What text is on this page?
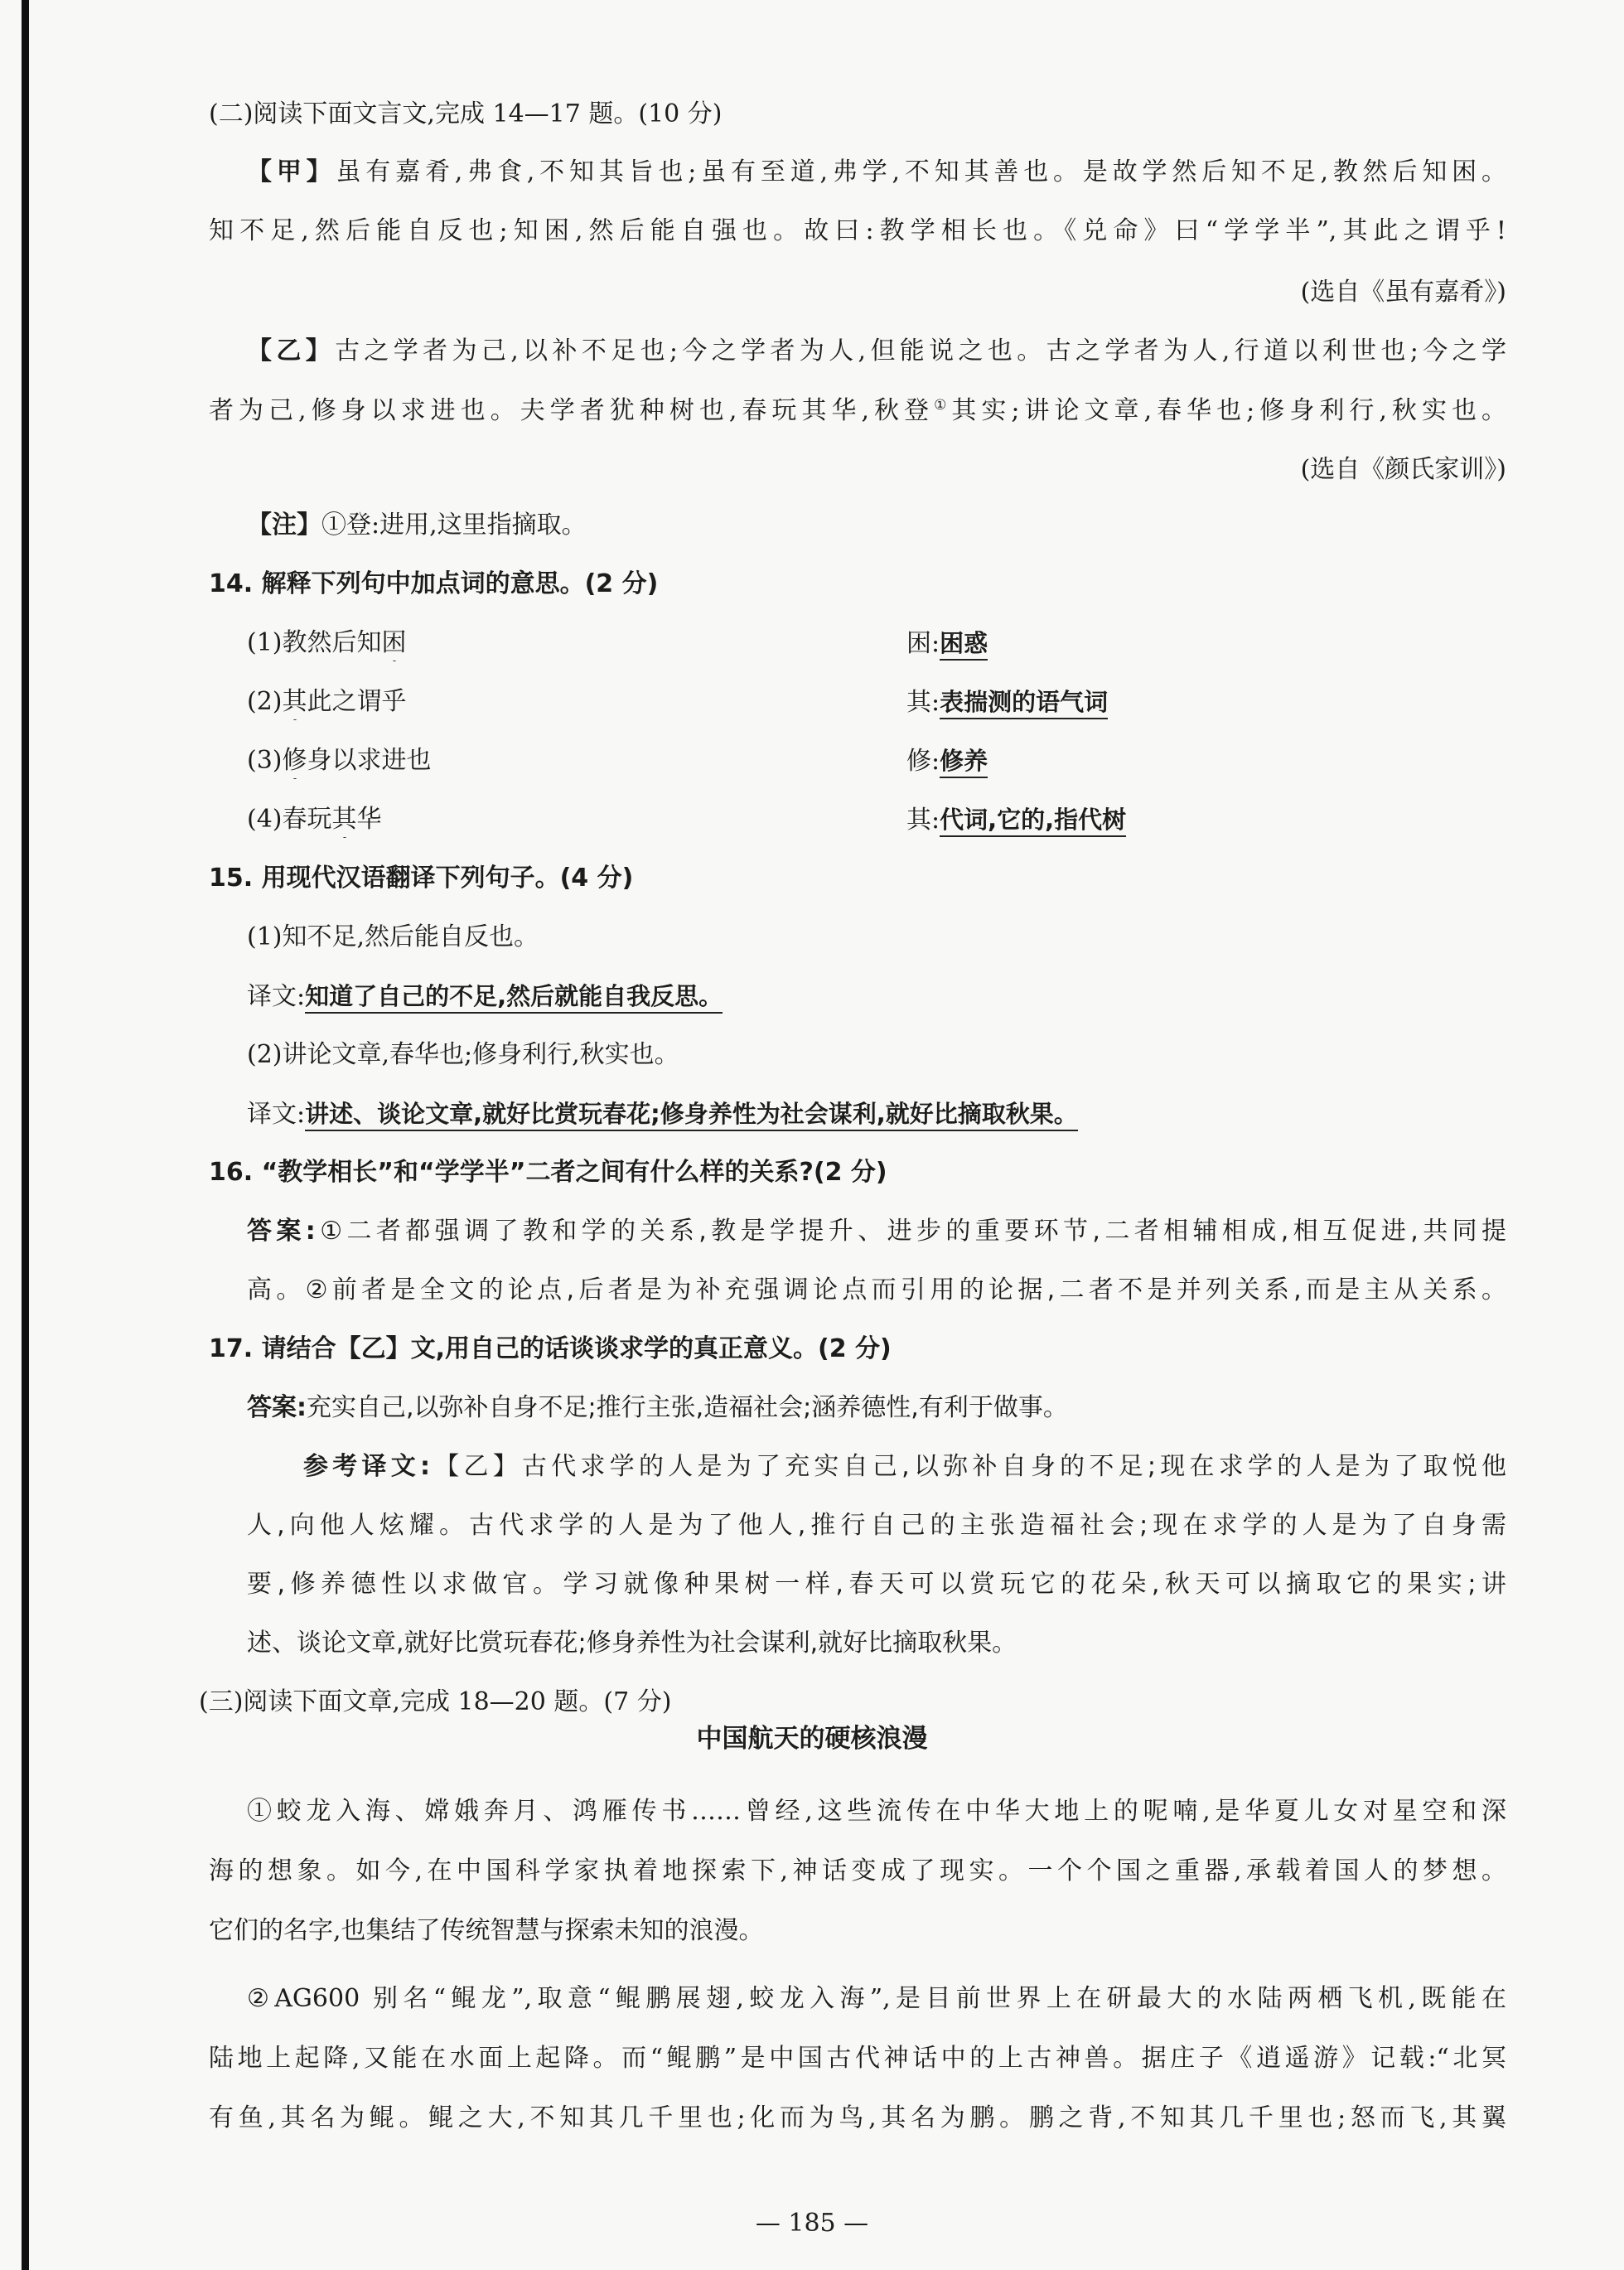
(二)阅读下面文言文,完成 14—17 题。(10 分)
【甲】虽有嘉肴,弗食,不知其旨也;虽有至道,弗学,不知其善也。是故学然后知不足,教然后知困。
知不足,然后能自反也;知困,然后能自强也。故曰:教学相长也。《兑命》曰“学学半”,其此之谓乎!
(选自《虽有嘉肴》)
【乙】古之学者为己,以补不足也;今之学者为人,但能说之也。古之学者为人,行道以利世也;今之学
者为己,修身以求进也。夫学者犹种树也,春玩其华,秋登①其实;讲论文章,春华也;修身利行,秋实也。
(选自《颜氏家训》)
【注】①登:进用,这里指摘取。
14. 解释下列句中加点词的意思。(2 分)
(1)教然后知困	困:困惑
(2)其此之谓乎	其:表揣测的语气词
(3)修身以求进也	修:修养
(4)春玩其华	其:代词,它的,指代树
15. 用现代汉语翻译下列句子。(4 分)
(1)知不足,然后能自反也。
译文:知道了自己的不足,然后就能自我反思。
(2)讲论文章,春华也;修身利行,秋实也。
译文:讲述、谈论文章,就好比赏玩春花;修身养性为社会谋利,就好比摘取秋果。
16. “教学相长”和“学学半”二者之间有什么样的关系?(2 分)
答案:①二者都强调了教和学的关系,教是学提升、进步的重要环节,二者相辅相成,相互促进,共同提
高。②前者是全文的论点,后者是为补充强调论点而引用的论据,二者不是并列关系,而是主从关系。
17. 请结合【乙】文,用自己的话谈谈求学的真正意义。(2 分)
答案:充实自己,以弥补自身不足;推行主张,造福社会;涵养德性,有利于做事。
参考译文:【乙】古代求学的人是为了充实自己,以弥补自身的不足;现在求学的人是为了取悦他
人,向他人炫耀。古代求学的人是为了他人,推行自己的主张造福社会;现在求学的人是为了自身需
要,修养德性以求做官。学习就像种果树一样,春天可以赏玩它的花朵,秋天可以摘取它的果实;讲
述、谈论文章,就好比赏玩春花;修身养性为社会谋利,就好比摘取秋果。
(三)阅读下面文章,完成 18—20 题。(7 分)
中国航天的硬核浪漫
①蛟龙入海、嫦娥奔月、鸿雁传书……曾经,这些流传在中华大地上的呢喃,是华夏儿女对星空和深
海的想象。如今,在中国科学家执着地探索下,神话变成了现实。一个个国之重器,承载着国人的梦想。
它们的名字,也集结了传统智慧与探索未知的浪漫。
②AG600 别名“鲲龙”,取意“鲲鹏展翅,蛟龙入海”,是目前世界上在研最大的水陆两栖飞机,既能在
陆地上起降,又能在水面上起降。而“鲲鹏”是中国古代神话中的上古神兽。据庄子《逍遥游》记载:“北冥
有鱼,其名为鲲。鲲之大,不知其几千里也;化而为鸟,其名为鹏。鹏之背,不知其几千里也;怒而飞,其翼
— 185 —
